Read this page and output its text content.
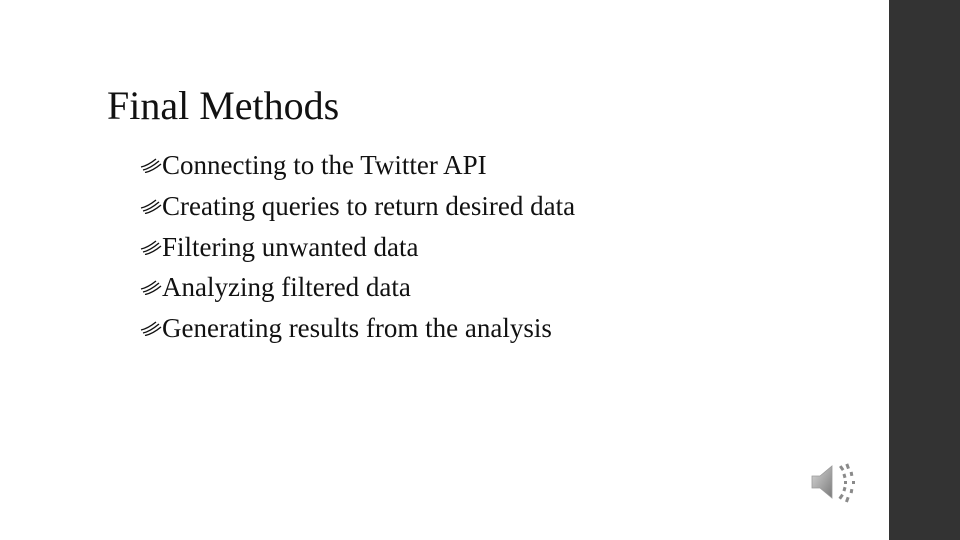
Final Methods
Connecting to the Twitter API
Creating queries to return desired data
Filtering unwanted data
Analyzing filtered data
Generating results from the analysis
